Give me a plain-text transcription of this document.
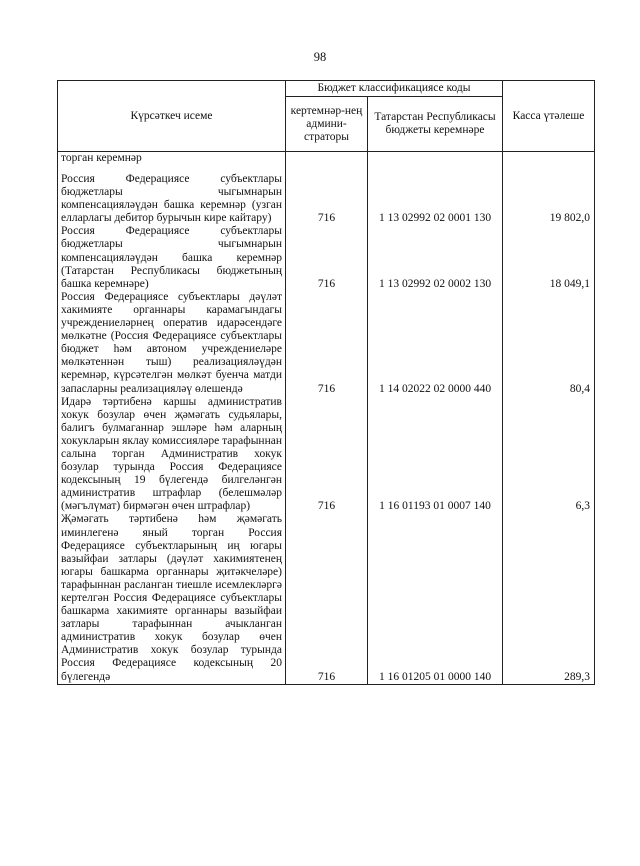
98
Күрсәткеч исеме	Бюджет классификациясе коды		Касса үтәлеше
	кертемнәр-нең админи-страторы	Татарстан Республикасы бюджеты керемнәре	
торган керемнәр			
Россия Федерациясе субъектлары бюджетлары чыгымнарын компенсацияләүдән башка керемнәр (узган елларлагы дебитор бурычын кире кайтару)	716	1 13 02992 02 0001 130	19 802,0
Россия Федерациясе субъектлары бюджетлары чыгымнарын компенсацияләүдән башка керемнәр (Татарстан Республикасы бюджетының башка керемнәре)	716	1 13 02992 02 0002 130	18 049,1
Россия Федерациясе субъектлары дәүләт хакимияте органнары карамагындагы учреждениеләрнең оператив идарәсендәге мөлкәтне (Россия Федерациясе субъектлары бюджет һәм автоном учреждениеләре мөлкәтеннән тыш) реализацияләүдән керемнәр, күрсәтелгән мөлкәт буенча матди запасларны реализацияләү өлешендә	716	1 14 02022 02 0000 440	80,4
Идарә тәртибенә каршы административ хокук бозулар өчен җәмәгать судьялары, балигъ булмаганнар эшләре һәм аларның хокукларын яклау комиссияләре тарафыннан салына торган Административ хокук бозулар турында Россия Федерациясе кодексының 19 бүлегендә билгеләнгән административ штрафлар (белешмәләр (мәгълүмат) бирмәгән өчен штрафлар)	716	1 16 01193 01 0007 140	6,3
Җәмәгать тәртибенә һәм җәмәгать иминлегенә яный торган Россия Федерациясе субъектларының иң югары вазыйфаи затлары (дәүләт хакимиятенең югары башкарма органнары җитәкчеләре) тарафыннан расланган тиешле исемлекләргә кертелгән Россия Федерациясе субъектлары башкарма хакимияте органнары вазыйфаи затлары тарафыннан ачыкланган административ хокук бозулар өчен Административ хокук бозулар турында Россия Федерациясе кодексының 20 бүлегендә	716	1 16 01205 01 0000 140	289,3
